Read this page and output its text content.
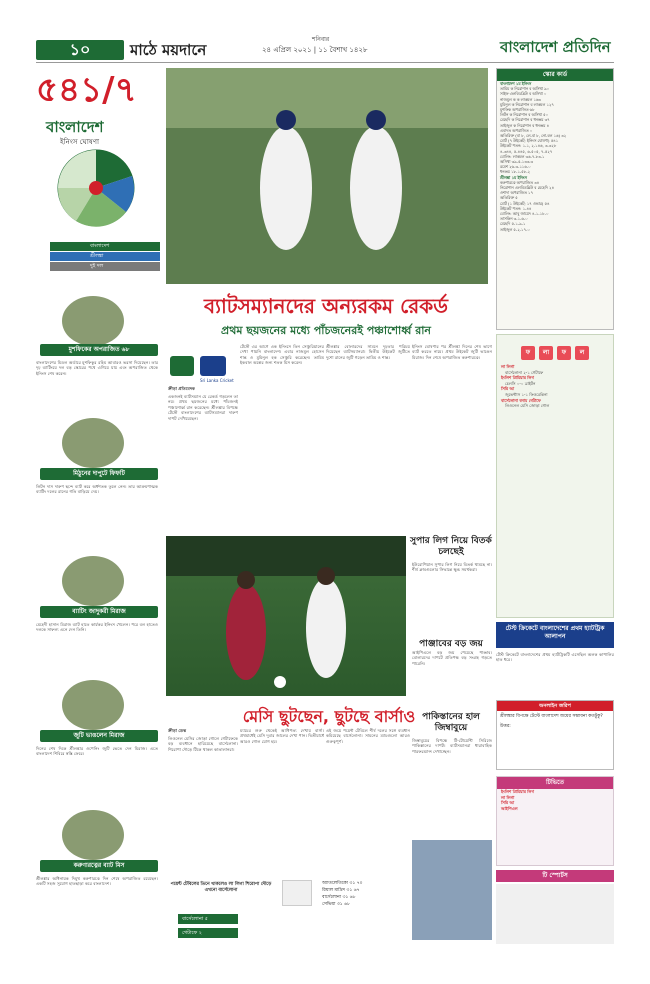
শনিবার
১০	মাঠে ময়দানে	২৪ এপ্রিল ২০২১ | ১১ বৈশাখ ১৪২৮	বাংলাদেশ প্রতিদিন
৫৪১/৭
বাংলাদেশ
ইনিংস ঘোষণা
বাংলাদেশ
শ্রীলঙ্কা
দুই দল
মুশফিকের অপরাজিত ৬৮
বাংলাদেশের মিডল অর্ডারে মুশফিকুর রহিম আবারও ভরসা দিয়েছেন। তার দৃঢ় ব্যাটিংয়ে দল বড় স্কোরের পথে এগিয়ে যায় এবং অপরাজিত থেকে ইনিংস শেষ করেন।
মিঠুনের দাপুটে ফিফটি
লিটন দাস দারুণ ছন্দে ব্যাট করে অর্ধশতক তুলে নেন। তার আক্রমণাত্মক ব্যাটিং দলের রানের গতি বাড়িয়ে দেয়।
ব্যাটিং জাদুকরী মিরাজ
মেহেদী হাসান মিরাজ ব্যাট হাতে কার্যকর ইনিংস খেলেন। পরে বল হাতেও দলকে সাফল্য এনে দেন তিনি।
জুটি ভাঙলেন মিরাজ
দিনের শেষ দিকে শ্রীলঙ্কার ওপেনিং জুটি ভেঙে দেন মিরাজ। এতে বাংলাদেশ শিবিরে স্বস্তি ফেরে।
করুণারত্নের ব্যাট মিস
শ্রীলঙ্কার অধিনায়ক দিমুথ করুণারত্নে দিন শেষে অপরাজিত রয়েছেন। একটি সহজ সুযোগ হাতছাড়া করে বাংলাদেশ।
ব্যাটসম্যানদের অন্যরকম রেকর্ড
প্রথম ছয়জনের মধ্যে পাঁচজনেরই পঞ্চাশোর্ধ্ব রান
Sri Lanka Cricket
ক্রীড়া প্রতিবেদক
একজনই ব্যাটসম্যান যে রেকর্ড গড়লেন তা নয়। প্রথম ছয়জনের মধ্যে পাঁচজনই পঞ্চাশোর্ধ্ব রান করেছেন। শ্রীলঙ্কার বিপক্ষে টেস্টে বাংলাদেশের ব্যাটসম্যানরা দারুণ দাপট দেখিয়েছেন।
টেস্টে এর আগে এক ইনিংসে তিন সেঞ্চুরিয়ানের দেখা পায়নি বাংলাদেশ। এবার নাজমুল হোসেন শান্ত ও মুমিনুল হক সেঞ্চুরি করেছেন। তামিম ইকবাল অল্পের জন্য শতক মিস করেন।
শ্রীলঙ্কার বোলারদের সামনে দৃঢ়তার পরিচয় দিয়েছেন ব্যাটসম্যানরা। দ্বিতীয় উইকেট জুটিতে দুশো রানের জুটি গড়েন তামিম ও শান্ত।
ইনিংস ঘোষণার পর শ্রীলঙ্কা দিনের শেষ ভাগে ব্যাট করতে নামে। প্রথম উইকেট জুটি ভাঙেন মিরাজ। দিন শেষে অপরাজিত করুণারত্নে।
মেসি ছুটছেন, ছুটছে বার্সাও
ক্রীড়া ডেস্ক
লিওনেল মেসির জোড়া গোলে গেটাফেকে বড় ব্যবধানে হারিয়েছে বার্সেলোনা। শিরোপা দৌড়ে টিকে থাকল কাতালানরা।
ম্যাচের শুরু থেকেই আধিপত্য দেখায় বার্সা। প্রথমার্ধেই মেসি দুবার জালের দেখা পান। দ্বিতীয়ার্ধে আরও গোল যোগ হয়।
এই জয়ে পয়েন্ট টেবিলে শীর্ষ দলের সঙ্গে ব্যবধান কমিয়েছে বার্সেলোনা। সামনের ম্যাচগুলো আরও গুরুত্বপূর্ণ।
সুপার লিগ নিয়ে বিতর্ক চলছেই
ইউরোপিয়ান সুপার লিগ নিয়ে বিতর্ক থামছে না। শীর্ষ ক্লাবগুলোর সিদ্ধান্তে ক্ষুব্ধ সমর্থকরা।
পাঞ্জাবের বড় জয়
আইপিএলে বড় জয় পেয়েছে পাঞ্জাব। বোলারদের দাপটে প্রতিপক্ষ বড় সংগ্রহ গড়তে পারেনি।
পাকিস্তানের হাল জিম্বাবুয়ে
জিম্বাবুয়ের বিপক্ষে টি-টোয়েন্টি সিরিজে পাকিস্তানের দাপট। ব্যাটসম্যানরা ধারাবাহিক পারফরম্যান্স দেখাচ্ছেন।
পয়েন্ট টেবিলের তিনে থাকলেও লা লিগা শিরোপা দৌড়ে এখনো বার্সেলোনা
অ্যাতলেতিকো ৩১ ৭০
রিয়াল মাদ্রিদ ৩১ ৬৭
বার্সেলোনা ৩১ ৬৮
সেভিয়া ৩১ ৬৮
বার্সেলোনা ৫
গেটাফে ২
স্কোর কার্ড
বাংলাদেশ ১ম ইনিংস
তামিম ক নিরোশান ব অসিথা ৯০
সাইফ এলবিডব্লিউ ব অসিথা ০
নাজমুল ক ক লাকমল ১৬৩
মুমিনুল ক নিরোশান ব লাকমল ১২৭
মুশফিক অপরাজিত ৬৮
লিটন ক নিরোশান ব অসিথা ৫০
মেহেদি ক নিরোশান ব ধনঞ্জয় ৩৭
তাইজুল ক নিরোশান ব ধনঞ্জয় ৪
এবাদত অপরাজিত ০
অতিরিক্ত (বা ৮, লে-বা ৮, নো-বল ১৬) ৩২
মোট (৭ উইকেট; ইনিংস ঘোষণা) ৫৪১
উইকেট পতন: ১-১, ২-১৪৬, ৩-৩২৮
৪-৩৪৪, ৫-৪৪৫, ৬-৫০৫, ৭-৫২৭
বোলিং: লাকমল ৩৬-৭-৮৩-১
অসিথা ৩৯-৫-১৩৩-৩
রমেশ ২৬-৩-১১৬-০
ধনঞ্জয় ১৮-১-৫৮-২
শ্রীলঙ্কা ১ম ইনিংস
করুণারত্নে অপরাজিত ৩৪
নিরোশান এলবিডব্লিউ ব মেহেদি ২৪
ওশাদা অপরাজিত ১৭
অতিরিক্ত ৫
মোট (১ উইকেট; ১৭ ওভার) ৫৪
উইকেট পতন: ১-৪৪
বোলিং: আবু জায়েদ ৪-১-১৮-০
তাসকিন ৩-১-৬-০
মেহেদি ৫-১-৯-১
তাইজুল ৫-২-১৭-০
ফ লা ফ ল
লা লিগা
বার্সেলোনা ২-১ গেটাফে
ইংলিশ প্রিমিয়ার লিগ
চেলসি ০-০ ব্রাইটন
সিরি আ
জুভেন্টাস ১-১ ফিওরেন্তিনা
বার্সেলোনা বনাম গেটাফে
লিওনেল মেসি জোড়া গোল
টেস্ট ক্রিকেটে বাংলাদেশের প্রথম হ্যাটট্রিক আলাপন
টেস্ট ক্রিকেটে বাংলাদেশের প্রথম হ্যাটট্রিকটি এসেছিল অলক কাপালির হাত ধরে।
অনলাইন জরিপ
শ্রীলঙ্কার বিপক্ষে টেস্টে বাংলাদেশ জয়ের সম্ভাবনা কতটুকু?
উত্তর:
টিভিতে
ইংলিশ প্রিমিয়ার লিগ
লা লিগা
সিরি আ
আইপিএল
টি স্পোর্টস
